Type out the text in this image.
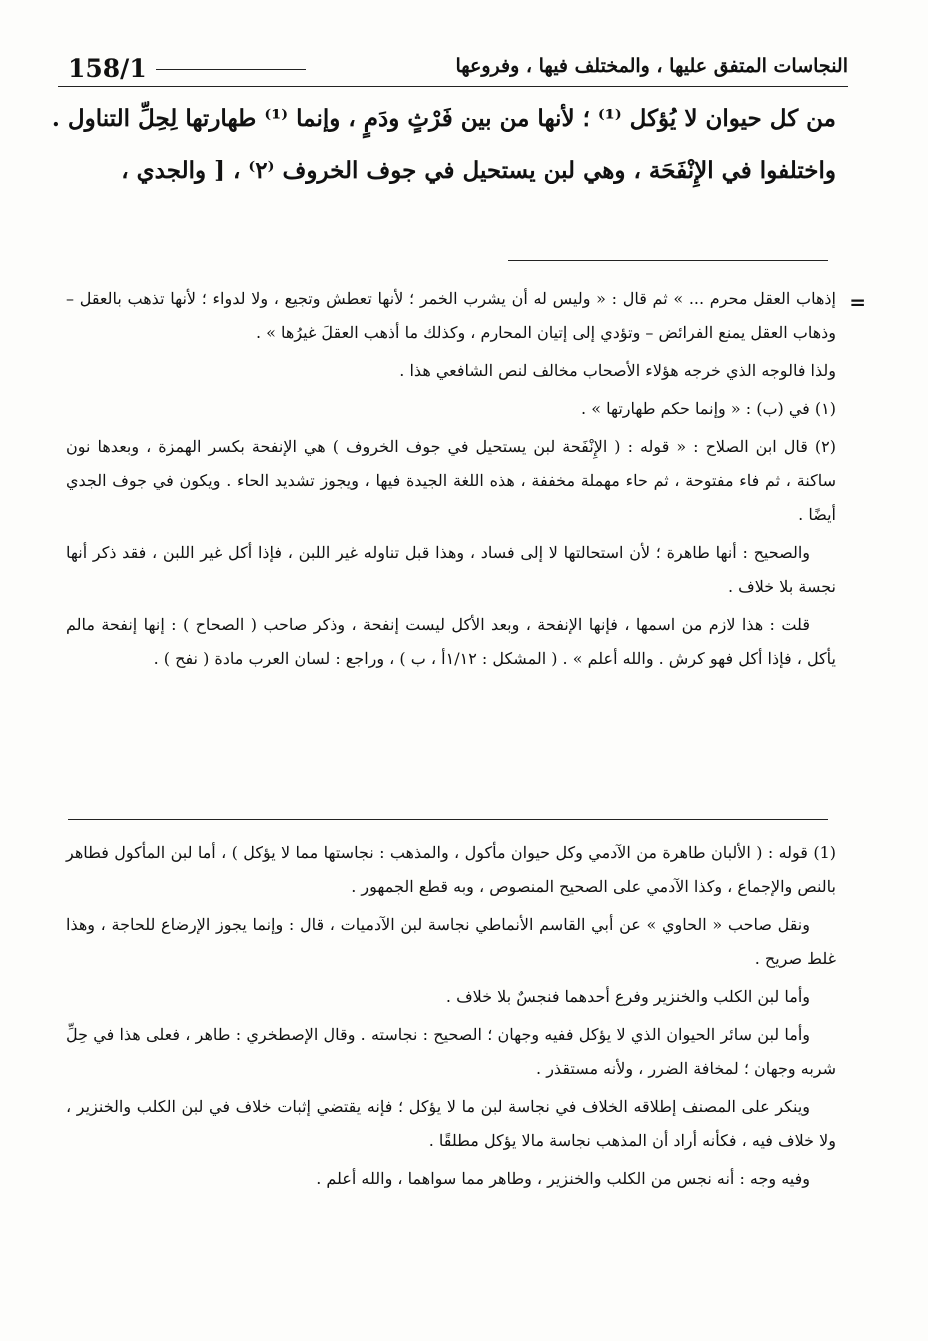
158/1	النجاسات المتفق عليها ، والمختلف فيها ، وفروعها

من كل حيوان لا يُؤكل ⁽¹⁾ ؛ لأنها من بين فَرْثٍ ودَمٍ ، وإنما ⁽¹⁾ طهارتها لِحِلِّ التناول .

واختلفوا في الإِنْفَحَة ، وهي لبن يستحيل في جوف الخروف ⁽٢⁾ ، [ والجدي ،

=

إذهاب العقل محرم ... » ثم قال : « وليس له أن يشرب الخمر ؛ لأنها تعطش وتجيع ، ولا لدواء ؛ لأنها تذهب بالعقل – وذهاب العقل يمنع الفرائض – وتؤدي إلى إتيان المحارم ، وكذلك ما أذهب العقلَ غيرُها » .

ولذا فالوجه الذي خرجه هؤلاء الأصحاب مخالف لنص الشافعي هذا .

(١) في (ب) : « وإنما حكم طهارتها » .

(٢) قال ابن الصلاح : « قوله : ( الإِنْفَحة لبن يستحيل في جوف الخروف ) هي الإنفحة بكسر الهمزة ، وبعدها نون ساكنة ، ثم فاء مفتوحة ، ثم حاء مهملة مخففة ، هذه اللغة الجيدة فيها ، ويجوز تشديد الحاء . ويكون في جوف الجدي أيضًا .

والصحيح : أنها طاهرة ؛ لأن استحالتها لا إلى فساد ، وهذا قبل تناوله غير اللبن ، فإذا أكل غير اللبن ، فقد ذكر أنها نجسة بلا خلاف .

قلت : هذا لازم من اسمها ، فإنها الإنفحة ، وبعد الأكل ليست إنفحة ، وذكر صاحب ( الصحاح ) : إنها إنفحة مالم يأكل ، فإذا أكل فهو كرش . والله أعلم » . ( المشكل : ١/١٢أ ، ب ) ، وراجع : لسان العرب مادة ( نفح ) .

(1) قوله : ( الألبان طاهرة من الآدمي وكل حيوان مأكول ، والمذهب : نجاستها مما لا يؤكل ) ، أما لبن المأكول فطاهر بالنص والإجماع ، وكذا الآدمي على الصحيح المنصوص ، وبه قطع الجمهور .

ونقل صاحب « الحاوي » عن أبي القاسم الأنماطي نجاسة لبن الآدميات ، قال : وإنما يجوز الإرضاع للحاجة ، وهذا غلط صريح .

وأما لبن الكلب والخنزير وفرع أحدهما فنجسٌ بلا خلاف .

وأما لبن سائر الحيوان الذي لا يؤكل ففيه وجهان ؛ الصحيح : نجاسته . وقال الإصطخري : طاهر ، فعلى هذا في حِلِّ شربه وجهان ؛ لمخافة الضرر ، ولأنه مستقذر .

وينكر على المصنف إطلاقه الخلاف في نجاسة لبن ما لا يؤكل ؛ فإنه يقتضي إثبات خلاف في لبن الكلب والخنزير ، ولا خلاف فيه ، فكأنه أراد أن المذهب نجاسة مالا يؤكل مطلقًا .

وفيه وجه : أنه نجس من الكلب والخنزير ، وطاهر مما سواهما ، والله أعلم .
